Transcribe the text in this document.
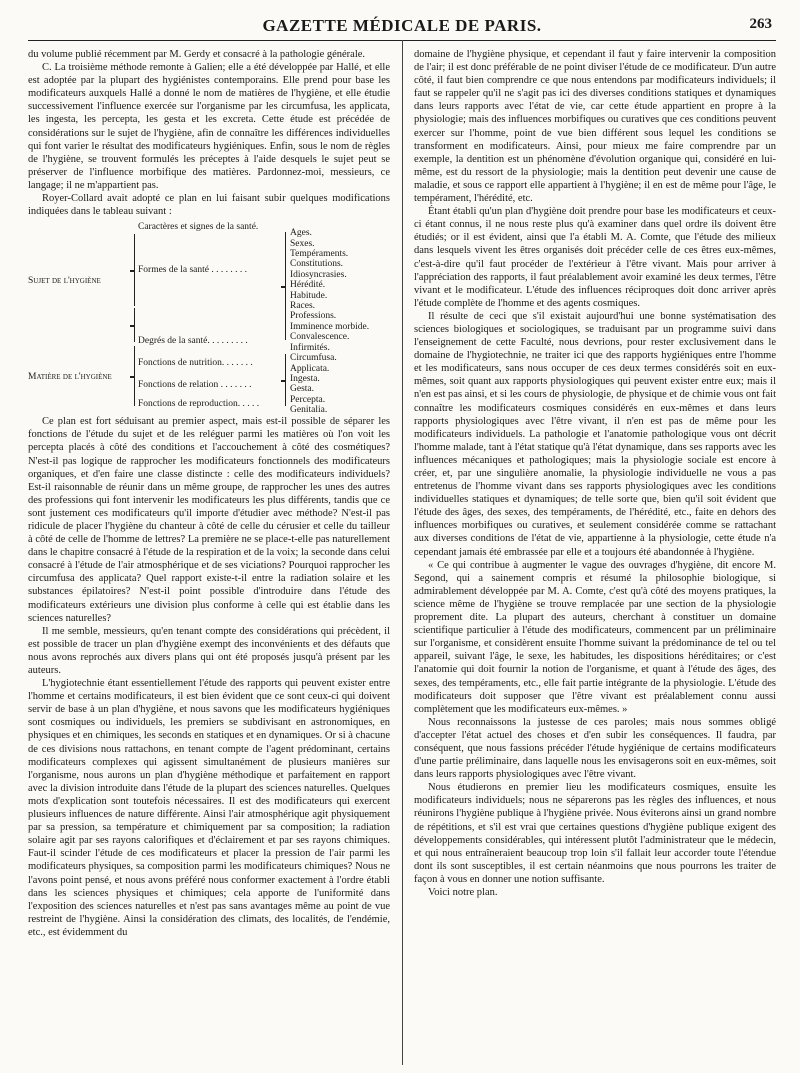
GAZETTE MÉDICALE DE PARIS.	263

du volume publié récemment par M. Gerdy et consacré à la pathologie générale.

C. La troisième méthode remonte à Galien; elle a été développée par Hallé, et elle est adoptée par la plupart des hygiénistes contemporains. Elle prend pour base les modificateurs auxquels Hallé a donné le nom de matières de l'hygiène, et elle étudie successivement l'influence exercée sur l'organisme par les circumfusa, les applicata, les ingesta, les percepta, les gesta et les excreta. Cette étude est précédée de considérations sur le sujet de l'hygiène, afin de connaître les différences individuelles qui font varier le résultat des modificateurs hygiéniques. Enfin, sous le nom de règles de l'hygiène, se trouvent formulés les préceptes à l'aide desquels le sujet peut se préserver de l'influence morbifique des matières. Pardonnez-moi, messieurs, ce langage; il ne m'appartient pas.

Royer-Collard avait adopté ce plan en lui faisant subir quelques modifications indiquées dans le tableau suivant :

Caractères et signes de la santé.
Formes de la santé . . . . . . . .
Sujet de l'hygiène
Degrés de la santé. . . . . . . . .
Matière de l'hygiène
Fonctions de nutrition. . . . . . .
Fonctions de relation . . . . . . .
Fonctions de reproduction. . . . .
Ages.
Sexes.
Tempéraments.
Constitutions.
Idiosyncrasies.
Hérédité.
Habitude.
Races.
Professions.
Imminence morbide.
Convalescence.
Infirmités.
Circumfusa.
Applicata.
Ingesta.
Gesta.
Percepta.
Genitalia.

Ce plan est fort séduisant au premier aspect, mais est-il possible de séparer les fonctions de l'étude du sujet et de les reléguer parmi les matières où l'on voit les percepta placés à côté des conditions et l'accouchement à côté des cosmétiques? N'est-il pas logique de rapprocher les modificateurs fonctionnels des modificateurs organiques, et d'en faire une classe distincte : celle des modificateurs individuels? Est-il raisonnable de réunir dans un même groupe, de rapprocher les unes des autres des professions qui font intervenir les modificateurs les plus différents, tandis que ce sont justement ces modificateurs qu'il importe d'étudier avec méthode? N'est-il pas ridicule de placer l'hygiène du chanteur à côté de celle du cérusier et celle du tailleur à côté de celle de l'homme de lettres? La première ne se place-t-elle pas naturellement dans le chapitre consacré à l'étude de la respiration et de la voix; la seconde dans celui consacré à l'étude de l'air atmosphérique et de ses viciations? Pourquoi rapprocher les circumfusa des applicata? Quel rapport existe-t-il entre la radiation solaire et les substances épilatoires? N'est-il point possible d'introduire dans l'étude des modificateurs extérieurs une division plus conforme à celle qui est établie dans les sciences naturelles?

Il me semble, messieurs, qu'en tenant compte des considérations qui précèdent, il est possible de tracer un plan d'hygiène exempt des inconvénients et des défauts que nous avons reprochés aux divers plans qui ont été proposés jusqu'à présent par les auteurs.

L'hygiotechnie étant essentiellement l'étude des rapports qui peuvent exister entre l'homme et certains modificateurs, il est bien évident que ce sont ceux-ci qui doivent servir de base à un plan d'hygiène, et nous savons que les modificateurs hygiéniques sont cosmiques ou individuels, les premiers se subdivisant en astronomiques, en physiques et en chimiques, les seconds en statiques et en dynamiques. Or si à chacune de ces divisions nous rattachons, en tenant compte de l'agent prédominant, certains modificateurs complexes qui agissent simultanément de plusieurs manières sur l'organisme, nous aurons un plan d'hygiène méthodique et parfaitement en rapport avec la division introduite dans l'étude de la plupart des sciences naturelles. Quelques mots d'explication sont toutefois nécessaires. Il est des modificateurs qui exercent plusieurs influences de nature différente. Ainsi l'air atmosphérique agit physiquement par sa pression, sa température et chimiquement par sa composition; la radiation solaire agit par ses rayons calorifiques et d'éclairement et par ses rayons chimiques. Faut-il scinder l'étude de ces modificateurs et placer la pression de l'air parmi les modificateurs physiques, sa composition parmi les modificateurs chimiques? Nous ne l'avons point pensé, et nous avons préféré nous conformer exactement à l'ordre établi dans les sciences physiques et chimiques; cela apporte de l'uniformité dans l'exposition des sciences naturelles et n'est pas sans avantages même au point de vue restreint de l'hygiène. Ainsi la considération des climats, des localités, de l'endémie, etc., est évidemment du

domaine de l'hygiène physique, et cependant il faut y faire intervenir la composition de l'air; il est donc préférable de ne point diviser l'étude de ce modificateur. D'un autre côté, il faut bien comprendre ce que nous entendons par modificateurs individuels; il faut se rappeler qu'il ne s'agit pas ici des diverses conditions statiques et dynamiques dans leurs rapports avec l'état de vie, car cette étude appartient en propre à la physiologie; mais des influences morbifiques ou curatives que ces conditions peuvent exercer sur l'homme, point de vue bien différent sous lequel les conditions se transforment en modificateurs. Ainsi, pour mieux me faire comprendre par un exemple, la dentition est un phénomène d'évolution organique qui, considéré en lui-même, est du ressort de la physiologie; mais la dentition peut devenir une cause de maladie, et sous ce rapport elle appartient à l'hygiène; il en est de même pour l'âge, le tempérament, l'hérédité, etc.

Étant établi qu'un plan d'hygiène doit prendre pour base les modificateurs et ceux-ci étant connus, il ne nous reste plus qu'à examiner dans quel ordre ils doivent être étudiés; or il est évident, ainsi que l'a établi M. A. Comte, que l'étude des milieux dans lesquels vivent les êtres organisés doit précéder celle de ces êtres eux-mêmes, c'est-à-dire qu'il faut procéder de l'extérieur à l'être vivant. Mais pour arriver à l'appréciation des rapports, il faut préalablement avoir examiné les deux termes, l'être vivant et le modificateur. L'étude des influences réciproques doit donc arriver après l'étude complète de l'homme et des agents cosmiques.

Il résulte de ceci que s'il existait aujourd'hui une bonne systématisation des sciences biologiques et sociologiques, se traduisant par un programme suivi dans l'enseignement de cette Faculté, nous devrions, pour rester exclusivement dans le domaine de l'hygiotechnie, ne traiter ici que des rapports hygiéniques entre l'homme et les modificateurs, sans nous occuper de ces deux termes considérés soit en eux-mêmes, soit quant aux rapports physiologiques qui peuvent exister entre eux; mais il n'en est pas ainsi, et si les cours de physiologie, de physique et de chimie vous ont fait connaître les modificateurs cosmiques considérés en eux-mêmes et dans leurs rapports physiologiques avec l'être vivant, il n'en est pas de même pour les modificateurs individuels. La pathologie et l'anatomie pathologique vous ont décrit l'homme malade, tant à l'état statique qu'à l'état dynamique, dans ses rapports avec les influences mécaniques et pathologiques; mais la physiologie sociale est encore à créer, et, par une singulière anomalie, la physiologie individuelle ne vous a pas entretenus de l'homme vivant dans ses rapports physiologiques avec les conditions individuelles statiques et dynamiques; de telle sorte que, bien qu'il soit évident que l'étude des âges, des sexes, des tempéraments, de l'hérédité, etc., faite en dehors des influences morbifiques ou curatives, et seulement considérée comme se rattachant aux diverses conditions de l'état de vie, appartienne à la physiologie, cette étude n'a cependant jamais été embrassée par elle et a toujours été abandonnée à l'hygiène.

« Ce qui contribue à augmenter le vague des ouvrages d'hygiène, dit encore M. Segond, qui a sainement compris et résumé la philosophie biologique, si admirablement développée par M. A. Comte, c'est qu'à côté des moyens pratiques, la science même de l'hygiène se trouve remplacée par une section de la physiologie proprement dite. La plupart des auteurs, cherchant à constituer un domaine scientifique particulier à l'étude des modificateurs, commencent par un préliminaire sur l'organisme, et considèrent ensuite l'homme suivant la prédominance de tel ou tel appareil, suivant l'âge, le sexe, les habitudes, les dispositions héréditaires; or c'est l'anatomie qui doit fournir la notion de l'organisme, et quant à l'étude des âges, des sexes, des tempéraments, etc., elle fait partie intégrante de la physiologie. L'étude des modificateurs doit supposer que l'être vivant est préalablement connu aussi complètement que les modificateurs eux-mêmes. »

Nous reconnaissons la justesse de ces paroles; mais nous sommes obligé d'accepter l'état actuel des choses et d'en subir les conséquences. Il faudra, par conséquent, que nous fassions précéder l'étude hygiénique de certains modificateurs d'une partie préliminaire, dans laquelle nous les envisagerons soit en eux-mêmes, soit dans leurs rapports physiologiques avec l'être vivant.

Nous étudierons en premier lieu les modificateurs cosmiques, ensuite les modificateurs individuels; nous ne séparerons pas les règles des influences, et nous réunirons l'hygiène publique à l'hygiène privée. Nous éviterons ainsi un grand nombre de répétitions, et s'il est vrai que certaines questions d'hygiène publique exigent des développements considérables, qui intéressent plutôt l'administrateur que le médecin, et qui nous entraîneraient beaucoup trop loin s'il fallait leur accorder toute l'étendue dont ils sont susceptibles, il est certain néanmoins que nous pourrons les traiter de façon à vous en donner une notion suffisante.

Voici notre plan.
